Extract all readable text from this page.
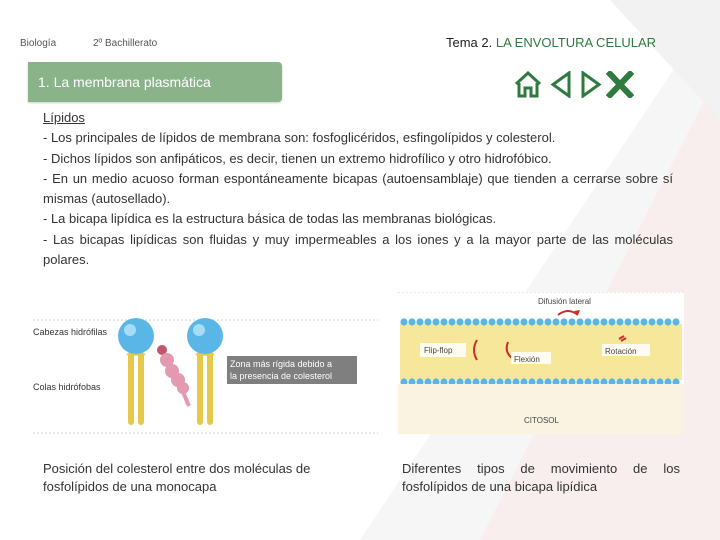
Biología	2º Bachillerato	Tema 2. LA ENVOLTURA CELULAR
1. La membrana plasmática

Lípidos

- Los principales de lípidos de membrana son: fosfoglicéridos, esfingolípidos y colesterol.

- Dichos lípidos son anfipáticos, es decir, tienen un extremo hidrofílico y otro hidrofóbico.

- En un medio acuoso forman espontáneamente bicapas (autoensamblaje) que tienden a cerrarse sobre sí mismas (autosellado).

- La bicapa lipídica es la estructura básica de todas las membranas biológicas.

- Las bicapas lipídicas son fluidas y muy impermeables a los iones y a la mayor parte de las moléculas polares.

Cabezas hidrófilas
Colas hidrófobas
Zona más rígida debido a
la presencia de colesterol
Difusión lateral
Flip-flop
Flexión
Rotación
CITOSOL
Posición del colesterol entre dos moléculas de fosfolípidos de una monocapa
Diferentes tipos de movimiento de los fosfolípidos de una bicapa lipídica
